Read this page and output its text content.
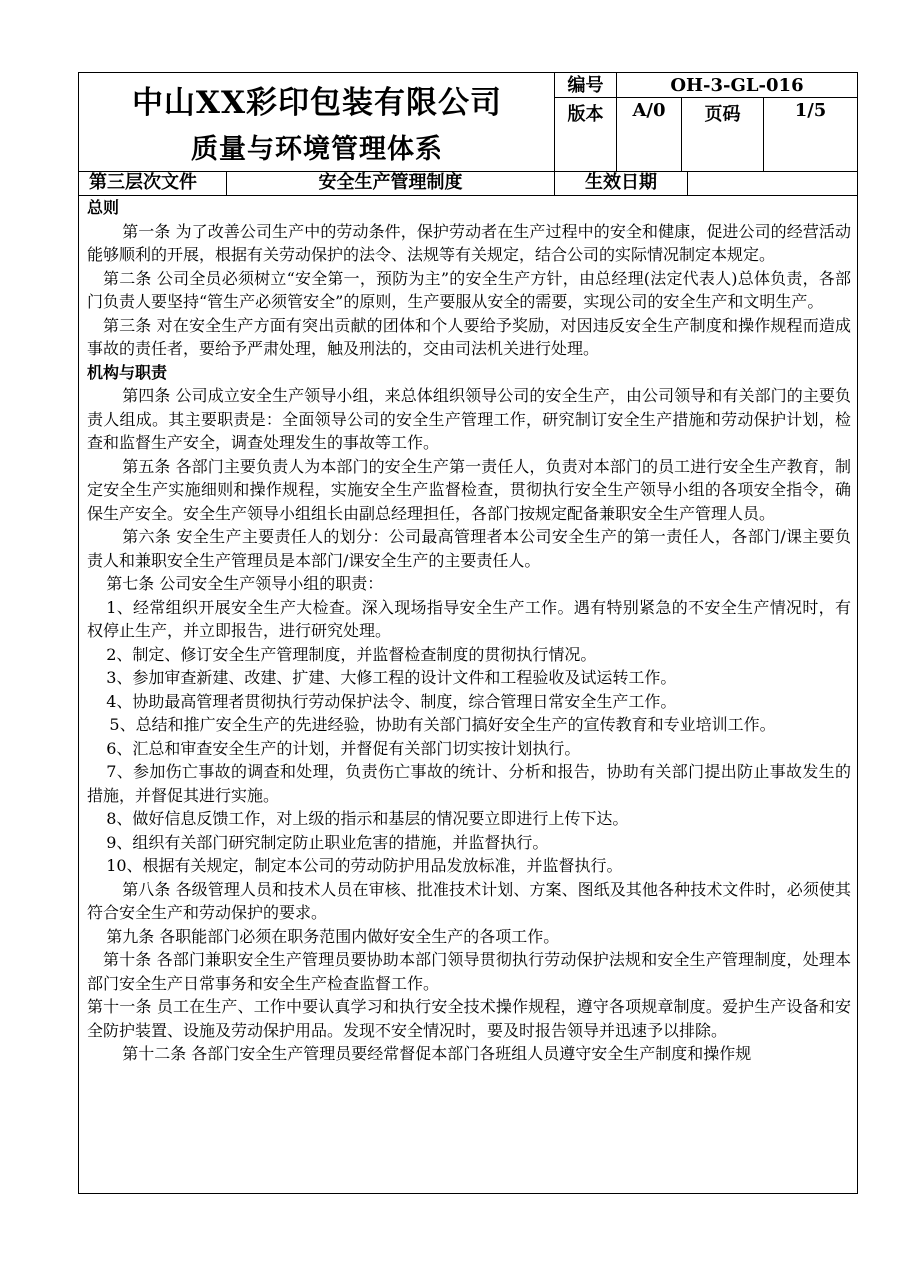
中山XX彩印包装有限公司
质量与环境管理体系
编号	OH-3-GL-016
版本	A/0	页码	1/5
第三层次文件	安全生产管理制度	生效日期

总则

第一条 为了改善公司生产中的劳动条件，保护劳动者在生产过程中的安全和健康，促进公司的经营活动能够顺利的开展，根据有关劳动保护的法令、法规等有关规定，结合公司的实际情况制定本规定。

第二条 公司全员必须树立“安全第一，预防为主”的安全生产方针，由总经理(法定代表人)总体负责，各部门负责人要坚持“管生产必须管安全”的原则，生产要服从安全的需要，实现公司的安全生产和文明生产。

第三条 对在安全生产方面有突出贡献的团体和个人要给予奖励，对因违反安全生产制度和操作规程而造成事故的责任者，要给予严肃处理，触及刑法的，交由司法机关进行处理。

机构与职责

第四条 公司成立安全生产领导小组，来总体组织领导公司的安全生产，由公司领导和有关部门的主要负责人组成。其主要职责是：全面领导公司的安全生产管理工作，研究制订安全生产措施和劳动保护计划，检查和监督生产安全，调查处理发生的事故等工作。

第五条 各部门主要负责人为本部门的安全生产第一责任人，负责对本部门的员工进行安全生产教育，制定安全生产实施细则和操作规程，实施安全生产监督检查，贯彻执行安全生产领导小组的各项安全指令，确保生产安全。安全生产领导小组组长由副总经理担任，各部门按规定配备兼职安全生产管理人员。

第六条 安全生产主要责任人的划分：公司最高管理者本公司安全生产的第一责任人，各部门/课主要负责人和兼职安全生产管理员是本部门/课安全生产的主要责任人。

第七条 公司安全生产领导小组的职责：

1、经常组织开展安全生产大检查。深入现场指导安全生产工作。遇有特别紧急的不安全生产情况时，有权停止生产，并立即报告，进行研究处理。

2、制定、修订安全生产管理制度，并监督检查制度的贯彻执行情况。

3、参加审查新建、改建、扩建、大修工程的设计文件和工程验收及试运转工作。

4、协助最高管理者贯彻执行劳动保护法令、制度，综合管理日常安全生产工作。

5、总结和推广安全生产的先进经验，协助有关部门搞好安全生产的宣传教育和专业培训工作。

6、汇总和审查安全生产的计划，并督促有关部门切实按计划执行。

7、参加伤亡事故的调查和处理，负责伤亡事故的统计、分析和报告，协助有关部门提出防止事故发生的措施，并督促其进行实施。

8、做好信息反馈工作，对上级的指示和基层的情况要立即进行上传下达。

9、组织有关部门研究制定防止职业危害的措施，并监督执行。

10、根据有关规定，制定本公司的劳动防护用品发放标准，并监督执行。

第八条 各级管理人员和技术人员在审核、批准技术计划、方案、图纸及其他各种技术文件时，必须使其符合安全生产和劳动保护的要求。

第九条 各职能部门必须在职务范围内做好安全生产的各项工作。

第十条 各部门兼职安全生产管理员要协助本部门领导贯彻执行劳动保护法规和安全生产管理制度，处理本部门安全生产日常事务和安全生产检查监督工作。

第十一条 员工在生产、工作中要认真学习和执行安全技术操作规程，遵守各项规章制度。爱护生产设备和安全防护装置、设施及劳动保护用品。发现不安全情况时，要及时报告领导并迅速予以排除。

第十二条 各部门安全生产管理员要经常督促本部门各班组人员遵守安全生产制度和操作规
